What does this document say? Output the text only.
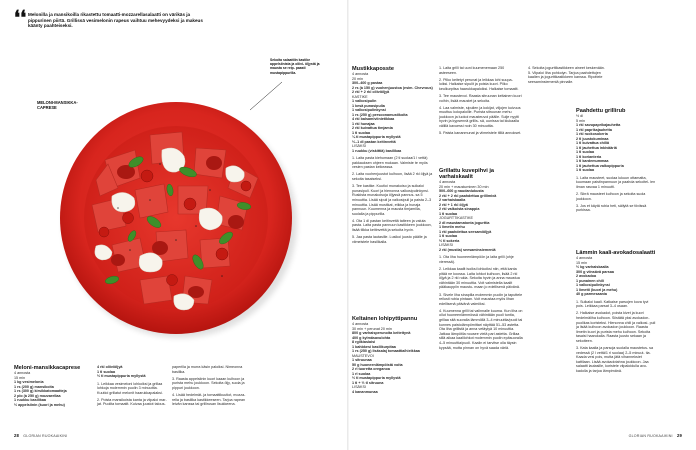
❛❛ Melonilla ja mansikoilla rikastettu tomaatti-mozzarellasalaatti on värikäs ja pippurinen piirtä. Grillissä vesimelonin rapeus vaihtuu mehevyydeksi ja makeus käänty paahteiseksi.
MELONI-MANSIKKA-CAPRESE
Sekoita salaattiin kastike appelsiinista ja oliivi- öljystä ja mausta se reip- paasti mustapippurilla.
Meloni-mansikkacaprese
4 annosta
15 min
1 kg vesimelonia
1 rs (200 g) mansikoita
1 rs (300 g) kirsikkatomaatteja
2 plo (à 250 g) mozzarellaa
1 ruukku basilikaa
½ appelsiinin (kuori ja mehu)
4 rkl oliiviöljyä
1 tl suolaa
½ tl mustapippuria myllystä
1. Leikkaa vesimeloni lohkoiksi ja grillaa lohkoja molemmin puolin 3 minuuttia. Kuutioi grillatut melonit haarukkapalaksi.
2. Poista mansikoista kanta ja viipaloi mar- jat. Puolita tomaatit. Kuivaa juustot talous-
paperilla ja murra käsin paloiksi. Nimeonna basilika.
3. Raasta appelsiinin kuori kaaan kulhoon ja purista mehu joukkoon. Sekoita öljy, suola ja pippuri joukkoon.
4. Lisää hedelmät- ja tomaattikuutiot, mozza- rella ja basilika kastikkeeseen. Tarjoa rapean leivän kanssa tai grillirusan lisukkeena.
Mustikkaposste
4 annosta
20 min
300–400 g pastaa
2 rs (à 150 g) vuohenjuustoa (esim. Chevrous)
2 rkl + 2 rkl oliiviöljyä
KASTIKE
1 valkosipulin
1 kesä punasipulia
1 valkosipulinkynsi
1 rs (250 g) persoonamustikoita
4 rkl balsamiviinietikkaa
1 rkl hunajaa
2 rkl kuivattua timjamia
1 tl suolaa
¼ tl mustapippuria myllystä
½–1 dl pastan keitinvettä
LISÄKSI
1 ruukku (viskittiä) basilikaa
1. Laita pasta kiehumaan (2 tl suolaa/1 l vettä) pakkauksen ohjeen mukaan. Valmiste te myös vesien pastan keikeassa.
2. Laita vuohenjuustot kulhoon, lisää 2 rkl öljyä ja sekoita tasaiseksi.
3. Tee kastike. Kuutioi munakoiso ja suikaloi punasipuli. Kuori ja hienonna valkosipulinkynsi. Ruskista munakoisoja öljyssä pannus- sa 5 minuuttia. Lisää sipuli ja valkosipuli ja paista 2–3 minuuttia. Lisää mustikat, etikka ja hunaja pannuun. Kuumenna ja mausta timjamilla, suolalla ja pippurilla.
4. Ota 1 dl pastan keitinvettä talteen ja valuta pasta. Laita pasta pannuun kastikkeen joukkoon, lisää tilkka keitinvettä ja sekoita hyvin.
5. Jaa pasta lautasille. Lusikoi juusto päälle ja viimeistele basilikalla.
Keltainen lohipyttipannu
4 annosta
30 min + perunat 20 min
800 g varhaisperunoita keitettynä
400 g kylmäsavulohta
8 rgilkiaslaisi
1 bahbkesi basilikurpitaa
1 rs (250 g) lisäsalaj tomaattia/hieikkaa
MAUSTEVOI
1 sitruunaa
50 g huoneenlämpöistä voita
2 rl tuoretta oreganoa
1 rl suolaa
½ tl mustapippuria myllystä
1 tl + ½ tl sitruuna
LISÄKSI
4 kananmunaa
1. Laita grilli tai uuni kuumenemaan 250 asteeseen.
2. Pilko keitetyt perunat ja leikkaa lohi suupa- loiksi. Halkaise sipulit ja poista kuori. Pilko keulkurpitsa haarukkapaloiksi. Halkaise tomaatit.
3. Tee maustevoi. Raasta sitruunan keltainen kuori voihin, lisää maustet ja sekoita.
4. Laa valmiste, sipulien ja kokijat, viljojen kuivuus muuttuu kolopaloille. Purista sitruunan mehu joukkoon ja luokoi mausteuvoi päälle. Sulje nyytti hyvin ja kypsennä grillis- sä, uunissa tai kiukaalla välillä kavuessi noin 30 minuuttia.
5. Paista kananmunat ja viimeistele tilliä annokset.
Grillattu kuvepihvi ja varhaiskaalit
4 annosta
20 min + maustuminen 30 min
500–600 g naudanlukusta
2 rkl + 2 rkl paahdettua grillimixä
2 varhaiskaalia
2 rkl + 1 rkl öljyä
2 rkl valkoista sinappia
1 tl suolaa
JOGURTTIKASTIKE
2 dl maustamatonta jogurttia
1 limetin mehu
1 rkl paahdettua seesamiöljyä
1 tl suolaa
½ tl sokeria
LISÄKSI
2 rkl (mustia) seesaminsiemeniä
1. Ota liha huoneenlämpöön ja laita grilli (ohje vieressä).
2. Leikkaa kaalit isoiksi lohkoiksi niin, että kanta pitää ne koossa. Laita lohkot kulhoon, lisää 2 rkl öljyä ja 2 rkl rukia. Sekoita hyvin ja anna maustua vähintään 30 minuuttia. Voit valmistella kaalit pääkauppiin maustu- maan jo edellisenä päivänä.
3. Sivele liha sinapilla molemmin puolin ja taputtele reilusti rubia pintaan. Voit maustaa myös lihan edellisenä päivänä valmiiksi.
4. Kuumenna grilli tai valinnalle kuuma. Kun liha on ollut huoneenlämmössä vähintään puoli tuntia, grillaa sitä suoralla lämmöllä 3–4 minuuttia/puoli tai kunnes paistolämpömittari näyttää 51–53 astetta. Ota liha grillistä ja anna vetäytyä 10 minuuttia. Jatkaa lämpötila nousee vielä pari astetta. Grillaa sillä aikaa kaalilohkot molemmin puolin epäsuoralla 4–5 minuuttia/puoli. Kaalin ei tarvitse olla täysin kypsää, mutta pinnan on hyvä saada väriä.
4. Sekoita jogurttikastikkeen aineet keskenään.
5. Viipaloi liha pohkoiyn. Tarjoa paahdettujen kaalien ja jogurttikastikkeen kanssa. Ripottele seesaminsiemeniä pinnalle.
Paahdettu grillirub
½ dl
5 min
1 rkl savupaprikajauhetta
1 rkl paprikajauhetta
1 rkl ruokosokeria
2 tl juustokuminaa
1 tl kuivattua chiliä
1 tl jauhettua inkivääriä
1 tl suolaa
1 tl korianteria
1 tl kardemummaa
1 tl jauhettua valkopippuria
1 tl suolaa
1. Laita mausteet, suolaa lukuun ottamatta, kuumaan paistinpannuun ja paahda sekoitel- len ilman rasvaa 1 minuutti.
2. Siirrä mausteet kulhoon ja sekoita suola joukkoon.
3. Jos et käytä rubia heti, säilytä se tiiviissä purkissa.
Lämmin kaali-avokadosalaatti
4 annosta
15 min
½ kg varhaiskaalia
300 g viinsävä parsaa
2 avokadoa
1 punainen chili
1 valkosipulinkynsi
1 limetti (kuori ja mehu)
40 g parmesaania
1. Suikaloi kaali. Katkaise parsojen kova tyvi pois. Leikkaa parsat 3–4 osaan.
2. Halkaise avokadot, poista kivet ja kuori hedelmäliha kulhoon. Siistätä yksi avokadon- puolikas koristeksi. Hienonna chili ja valkosi- puli ja lisää kulhoon avokadon joukkoon. Raasta limetin kuori ja purista mehu kulhoon. Sekoita tasaisi haarukalla. Raasta juusto sekaan ja sekoiteen.
3. Kata kaalia ja parsoja suolalla maustetus- sa vedessä (2 l vettä/1 rl suolaa) 2–5 minuut- tia. Kaada vesi pois, mutta jätä vihanneksiet kattilaan. Lisää avokadotahna joukkoon. Jaa salaatit lautasille, koristele viipaloidulla avo- kadolla ja tarjoa lämpimänä.
28 GLORIAN RUOKAAIKINI	GLORIAN RUOKAAIKINI 29
